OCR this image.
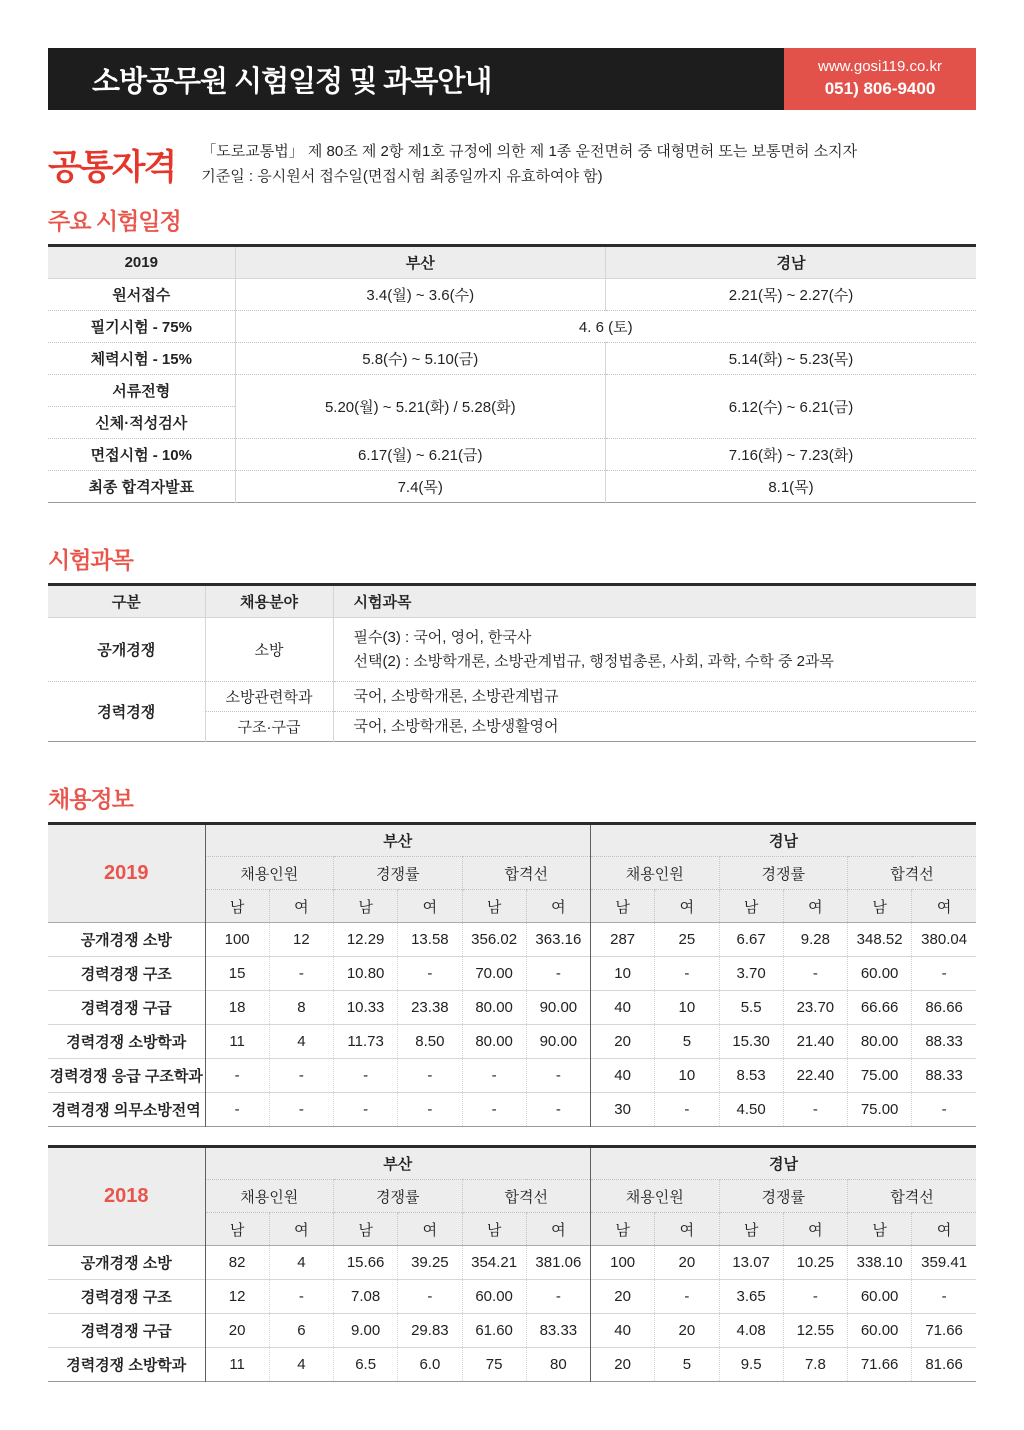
소방공무원 시험일정 및 과목안내	www.gosi119.co.kr
051) 806-9400
공통자격 「도로교통법」 제 80조 제 2항 제1호 규정에 의한 제 1종 운전면허 중 대형면허 또는 보통면허 소지자
기준일 : 응시원서 접수일(면접시험 최종일까지 유효하여야 함)
주요 시험일정
2019	부산	경남
원서접수	3.4(월) ~ 3.6(수)	2.21(목) ~ 2.27(수)
필기시험 - 75%	4. 6 (토)	
체력시험 - 15%	5.8(수) ~ 5.10(금)	5.14(화) ~ 5.23(목)
서류전형	5.20(월) ~ 5.21(화) / 5.28(화)	6.12(수) ~ 6.21(금)
신체·적성검사		
면접시험 - 10%	6.17(월) ~ 6.21(금)	7.16(화) ~ 7.23(화)
최종 합격자발표	7.4(목)	8.1(목)
시험과목
구분	채용분야	시험과목
공개경쟁	소방	필수(3) : 국어, 영어, 한국사
선택(2) : 소방학개론, 소방관계법규, 행정법총론, 사회, 과학, 수학 중 2과목

경력경쟁	소방관련학과	국어, 소방학개론, 소방관계법규
	구조·구급	국어, 소방학개론, 소방생활영어
채용정보
2019	부산						경남					
	채용인원		경쟁률		합격선		채용인원		경쟁률		합격선	
	남	여	남	여	남	여	남	여	남	여	남	여
공개경쟁 소방	100	12	12.29	13.58	356.02	363.16	287	25	6.67	9.28	348.52	380.04
경력경쟁 구조	15	-	10.80	-	70.00	-	10	-	3.70	-	60.00	-
경력경쟁 구급	18	8	10.33	23.38	80.00	90.00	40	10	5.5	23.70	66.66	86.66
경력경쟁 소방학과	11	4	11.73	8.50	80.00	90.00	20	5	15.30	21.40	80.00	88.33
경력경쟁 응급 구조학과	-	-	-	-	-	-	40	10	8.53	22.40	75.00	88.33
경력경쟁 의무소방전역	-	-	-	-	-	-	30	-	4.50	-	75.00	-
2018	부산						경남					
	채용인원		경쟁률		합격선		채용인원		경쟁률		합격선	
	남	여	남	여	남	여	남	여	남	여	남	여
공개경쟁 소방	82	4	15.66	39.25	354.21	381.06	100	20	13.07	10.25	338.10	359.41
경력경쟁 구조	12	-	7.08	-	60.00	-	20	-	3.65	-	60.00	-
경력경쟁 구급	20	6	9.00	29.83	61.60	83.33	40	20	4.08	12.55	60.00	71.66
경력경쟁 소방학과	11	4	6.5	6.0	75	80	20	5	9.5	7.8	71.66	81.66
